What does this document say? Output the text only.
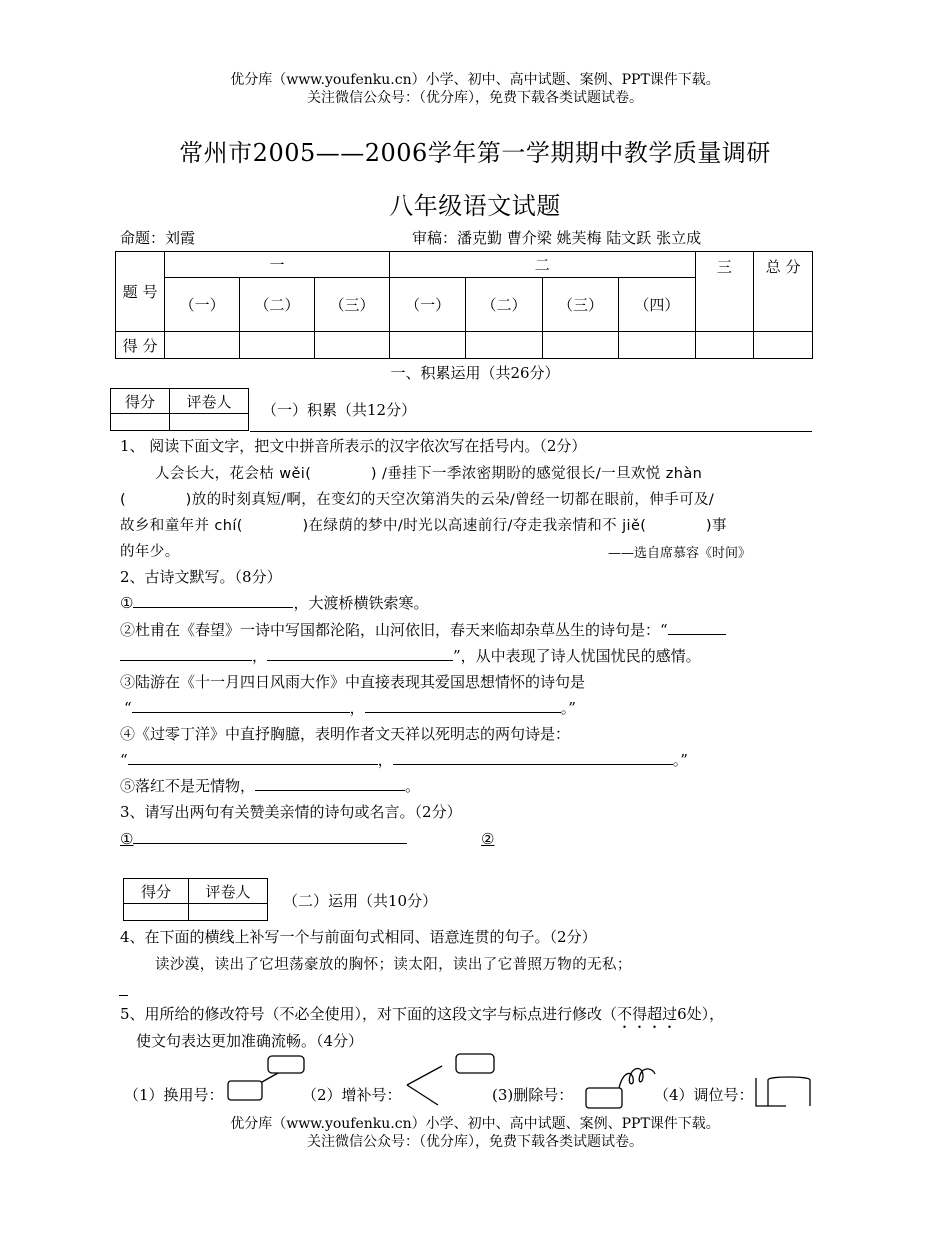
优分库（www.youfenku.cn）小学、初中、高中试题、案例、PPT课件下载。
关注微信公众号：（优分库），免费下载各类试题试卷。
常州市2005——2006学年第一学期期中教学质量调研
八年级语文试题
命题：刘霞	审稿：潘克勤 曹介梁 姚芙梅 陆文跃 张立成
题 号	一			二				三	总 分
	（一）	（二）	（三）	（一）	（二）	（三）	（四）		
得 分									
一、积累运用（共26分）
得分	评卷人
	（一）积累（共12分）
1、 阅读下面文字，把文中拼音所表示的汉字依次写在括号内。（2分）
人会长大，花会枯 wěi(　　　　) /垂挂下一季浓密期盼的感觉很长/一旦欢悦 zhàn
(　　　　)放的时刻真短/啊，在变幻的天空次第消失的云朵/曾经一切都在眼前，伸手可及/
故乡和童年并 chí(　　　　)在绿荫的梦中/时光以高速前行/夺走我亲情和不 jiě(　　　　)事
的年少。	——选自席慕容《时间》
2、古诗文默写。（8分）
①	，大渡桥横铁索寒。
②杜甫在《春望》一诗中写国都沦陷，山河依旧，春天来临却杂草丛生的诗句是：“
，	”，从中表现了诗人忧国忧民的感情。
③陆游在《十一月四日风雨大作》中直接表现其爱国思想情怀的诗句是
“	，	。”
④《过零丁洋》中直抒胸臆，表明作者文天祥以死明志的两句诗是：
“	，	。”
⑤落红不是无情物，	。
3、请写出两句有关赞美亲情的诗句或名言。（2分）
①	②
得分	评卷人

（二）运用（共10分）
4、在下面的横线上补写一个与前面句式相同、语意连贯的句子。（2分）
读沙漠，读出了它坦荡豪放的胸怀；读太阳，读出了它普照万物的无私；
5、用所给的修改符号（不必全使用），对下面的这段文字与标点进行修改（不得超过6处），
使文句表达更加准确流畅。（4分）
（1）换用号：	（2）增补号：	(3)删除号：	（4）调位号：
优分库（www.youfenku.cn）小学、初中、高中试题、案例、PPT课件下载。
关注微信公众号：（优分库），免费下载各类试题试卷。
